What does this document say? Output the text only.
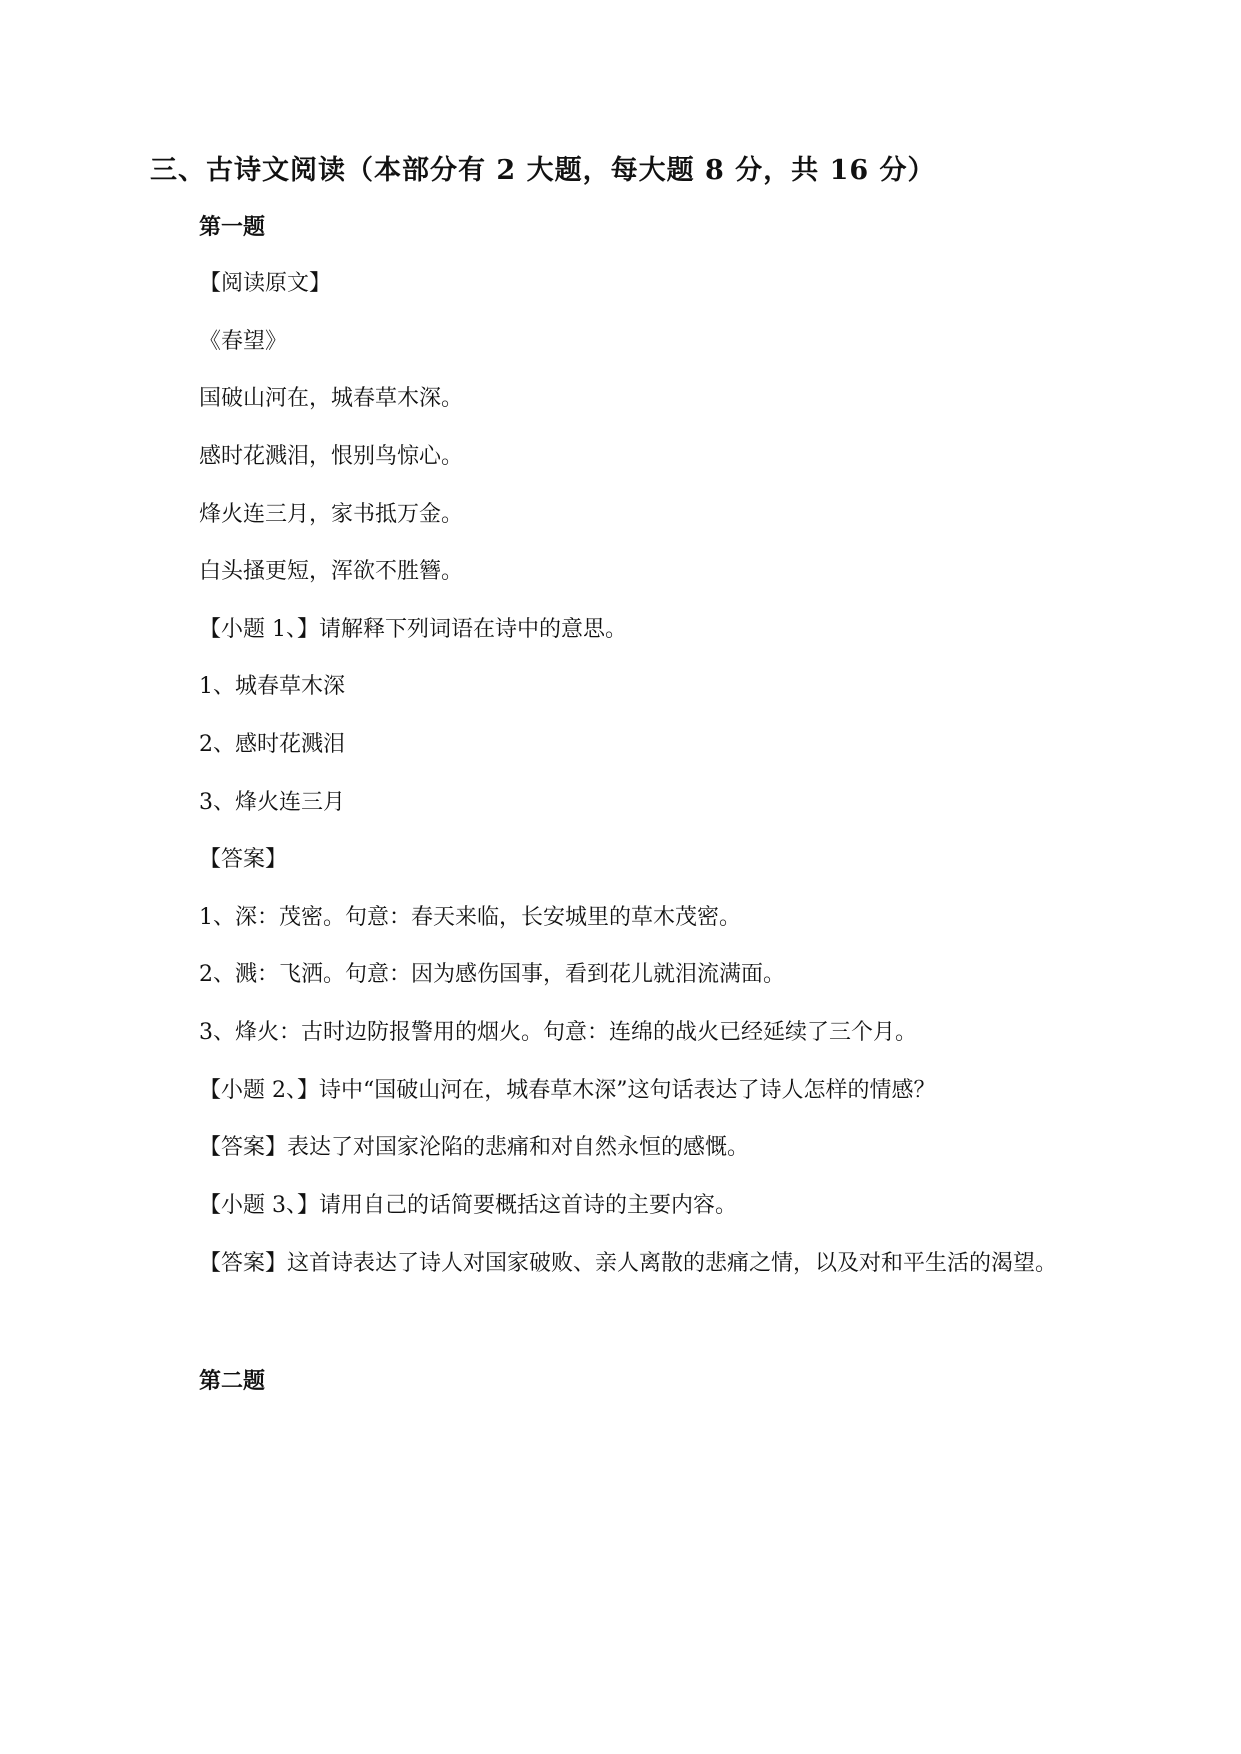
三、古诗文阅读（本部分有 2 大题，每大题 8 分，共 16 分）
第一题
【阅读原文】
《春望》
国破山河在，城春草木深。
感时花溅泪，恨别鸟惊心。
烽火连三月，家书抵万金。
白头搔更短，浑欲不胜簪。
【小题 1、】请解释下列词语在诗中的意思。
1、城春草木深
2、感时花溅泪
3、烽火连三月
【答案】
1、深：茂密。句意：春天来临，长安城里的草木茂密。
2、溅：飞洒。句意：因为感伤国事，看到花儿就泪流满面。
3、烽火：古时边防报警用的烟火。句意：连绵的战火已经延续了三个月。
【小题 2、】诗中“国破山河在，城春草木深”这句话表达了诗人怎样的情感？
【答案】表达了对国家沦陷的悲痛和对自然永恒的感慨。
【小题 3、】请用自己的话简要概括这首诗的主要内容。
【答案】这首诗表达了诗人对国家破败、亲人离散的悲痛之情，以及对和平生活的渴望。
第二题
